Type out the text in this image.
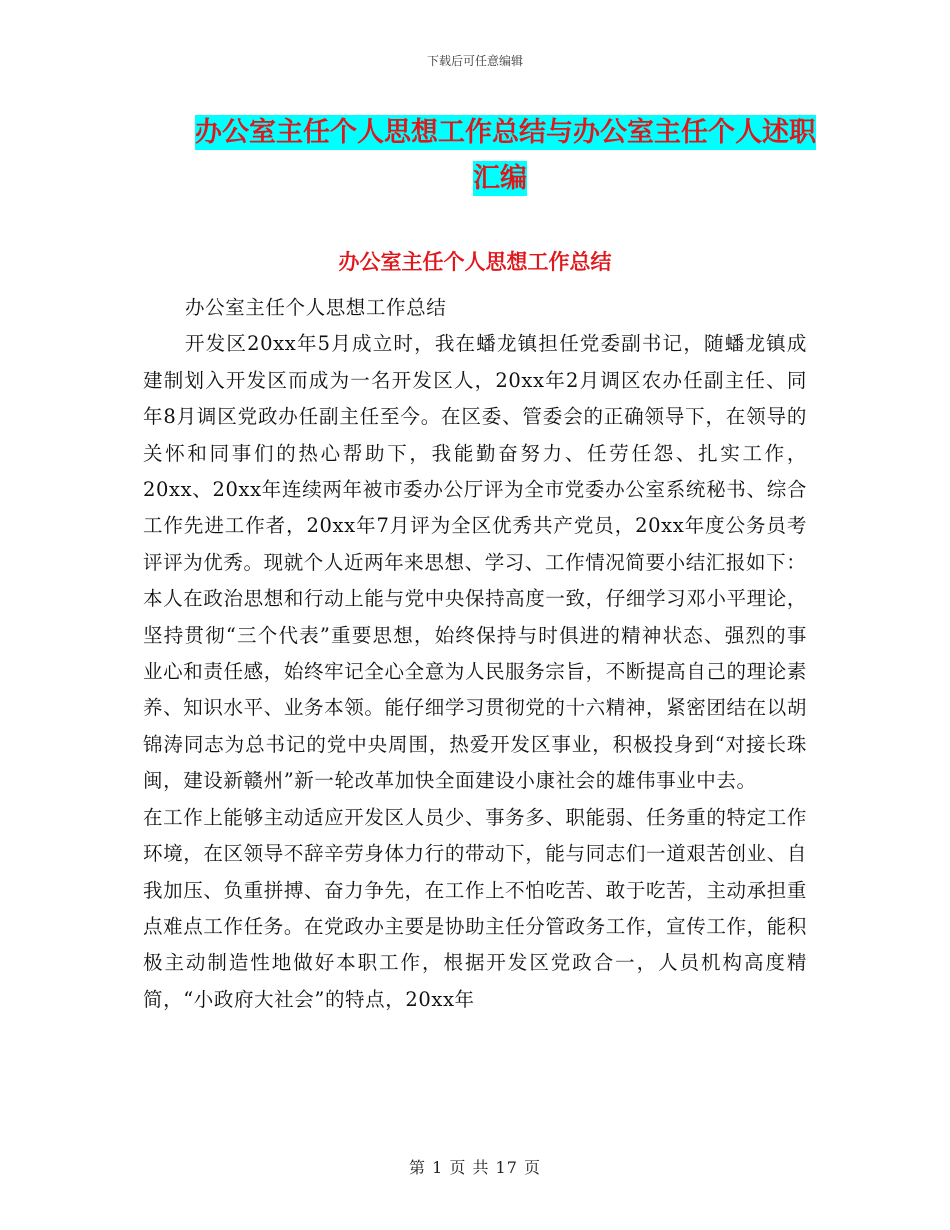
下载后可任意编辑
办公室主任个人思想工作总结与办公室主任个人述职
汇编
办公室主任个人思想工作总结

办公室主任个人思想工作总结

开发区20xx年5月成立时，我在蟠龙镇担任党委副书记，随蟠龙镇成建制划入开发区而成为一名开发区人，20xx年2月调区农办任副主任、同年8月调区党政办任副主任至今。在区委、管委会的正确领导下，在领导的关怀和同事们的热心帮助下，我能勤奋努力、任劳任怨、扎实工作，20xx、20xx年连续两年被市委办公厅评为全市党委办公室系统秘书、综合工作先进工作者，20xx年7月评为全区优秀共产党员，20xx年度公务员考评评为优秀。现就个人近两年来思想、学习、工作情况简要小结汇报如下：

本人在政治思想和行动上能与党中央保持高度一致，仔细学习邓小平理论，坚持贯彻“三个代表”重要思想，始终保持与时俱进的精神状态、强烈的事业心和责任感，始终牢记全心全意为人民服务宗旨，不断提高自己的理论素养、知识水平、业务本领。能仔细学习贯彻党的十六精神，紧密团结在以胡锦涛同志为总书记的党中央周围，热爱开发区事业，积极投身到“对接长珠闽，建设新赣州”新一轮改革加快全面建设小康社会的雄伟事业中去。

在工作上能够主动适应开发区人员少、事务多、职能弱、任务重的特定工作环境，在区领导不辞辛劳身体力行的带动下，能与同志们一道艰苦创业、自我加压、负重拼搏、奋力争先，在工作上不怕吃苦、敢于吃苦，主动承担重点难点工作任务。在党政办主要是协助主任分管政务工作，宣传工作，能积极主动制造性地做好本职工作，根据开发区党政合一，人员机构高度精简，“小政府大社会”的特点，20xx年

第 1 页 共 17 页
